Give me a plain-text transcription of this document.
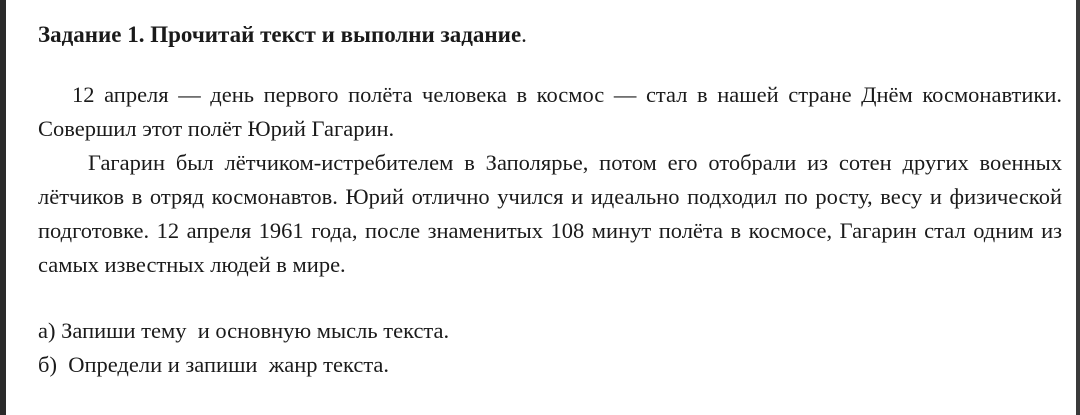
Задание 1. Прочитай текст и выполни задание.

12 апреля — день первого полёта человека в космос — стал в нашей стране Днём космонавтики. Совершил этот полёт Юрий Гагарин.

Гагарин был лётчиком-истребителем в Заполярье, потом его отобрали из сотен других военных лётчиков в отряд космонавтов. Юрий отлично учился и идеально подходил по росту, весу и физической подготовке. 12 апреля 1961 года, после знаменитых 108 минут полёта в космосе, Гагарин стал одним из самых известных людей в мире.

а) Запиши тему  и основную мысль текста.

б)  Определи и запиши  жанр текста.
